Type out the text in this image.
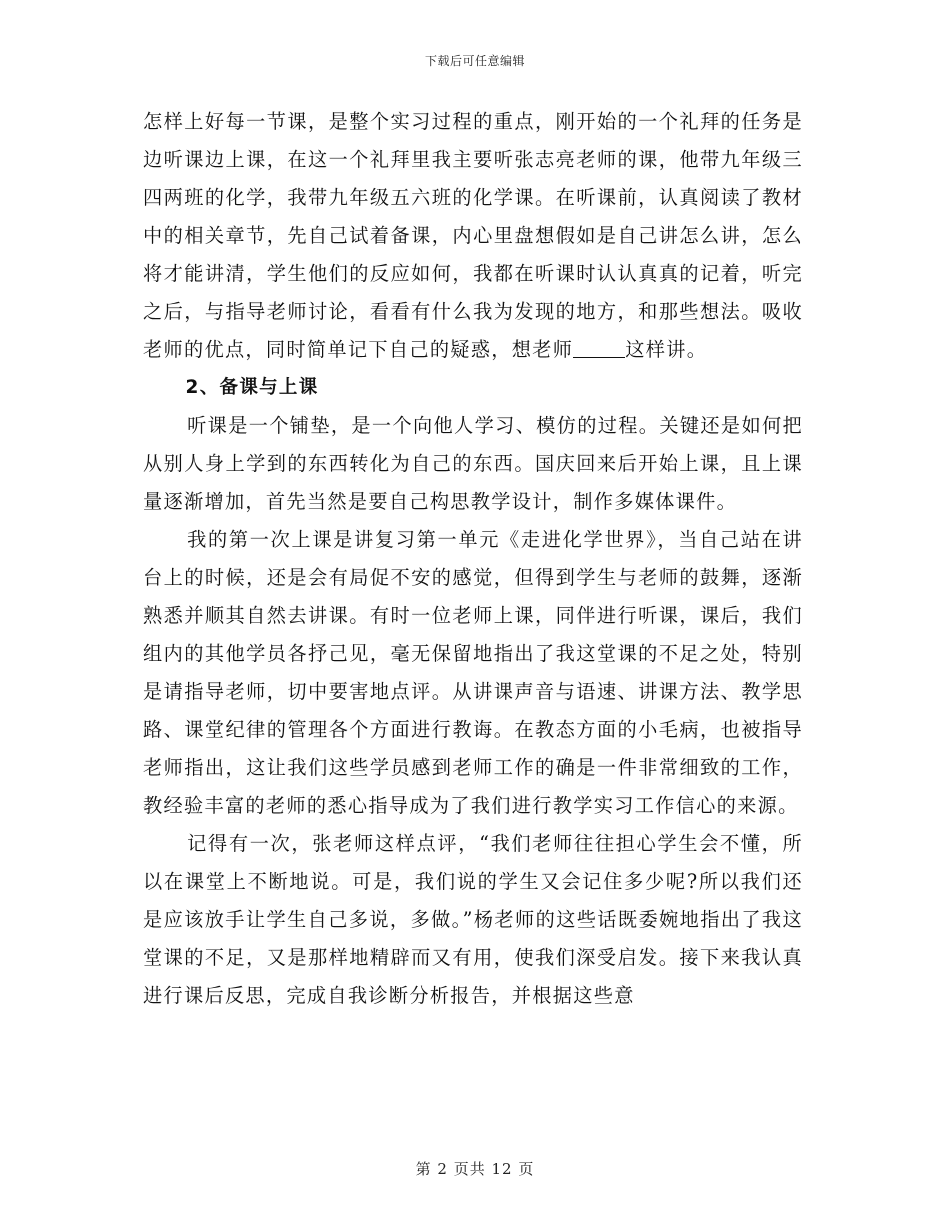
下载后可任意编辑

怎样上好每一节课，是整个实习过程的重点，刚开始的一个礼拜的任务是边听课边上课，在这一个礼拜里我主要听张志亮老师的课，他带九年级三四两班的化学，我带九年级五六班的化学课。在听课前，认真阅读了教材中的相关章节，先自己试着备课，内心里盘想假如是自己讲怎么讲，怎么将才能讲清，学生他们的反应如何，我都在听课时认认真真的记着，听完之后，与指导老师讨论，看看有什么我为发现的地方，和那些想法。吸收老师的优点，同时简单记下自己的疑惑，想老师	这样讲。

2、备课与上课

听课是一个铺垫，是一个向他人学习、模仿的过程。关键还是如何把从别人身上学到的东西转化为自己的东西。国庆回来后开始上课，且上课量逐渐增加，首先当然是要自己构思教学设计，制作多媒体课件。

我的第一次上课是讲复习第一单元《走进化学世界》，当自己站在讲台上的时候，还是会有局促不安的感觉，但得到学生与老师的鼓舞，逐渐熟悉并顺其自然去讲课。有时一位老师上课，同伴进行听课，课后，我们组内的其他学员各抒己见，毫无保留地指出了我这堂课的不足之处，特别是请指导老师，切中要害地点评。从讲课声音与语速、讲课方法、教学思路、课堂纪律的管理各个方面进行教诲。在教态方面的小毛病，也被指导老师指出，这让我们这些学员感到老师工作的确是一件非常细致的工作，教经验丰富的老师的悉心指导成为了我们进行教学实习工作信心的来源。

记得有一次，张老师这样点评，“我们老师往往担心学生会不懂，所以在课堂上不断地说。可是，我们说的学生又会记住多少呢?所以我们还是应该放手让学生自己多说，多做。”杨老师的这些话既委婉地指出了我这堂课的不足，又是那样地精辟而又有用，使我们深受启发。接下来我认真进行课后反思，完成自我诊断分析报告，并根据这些意

第 2 页共 12 页
